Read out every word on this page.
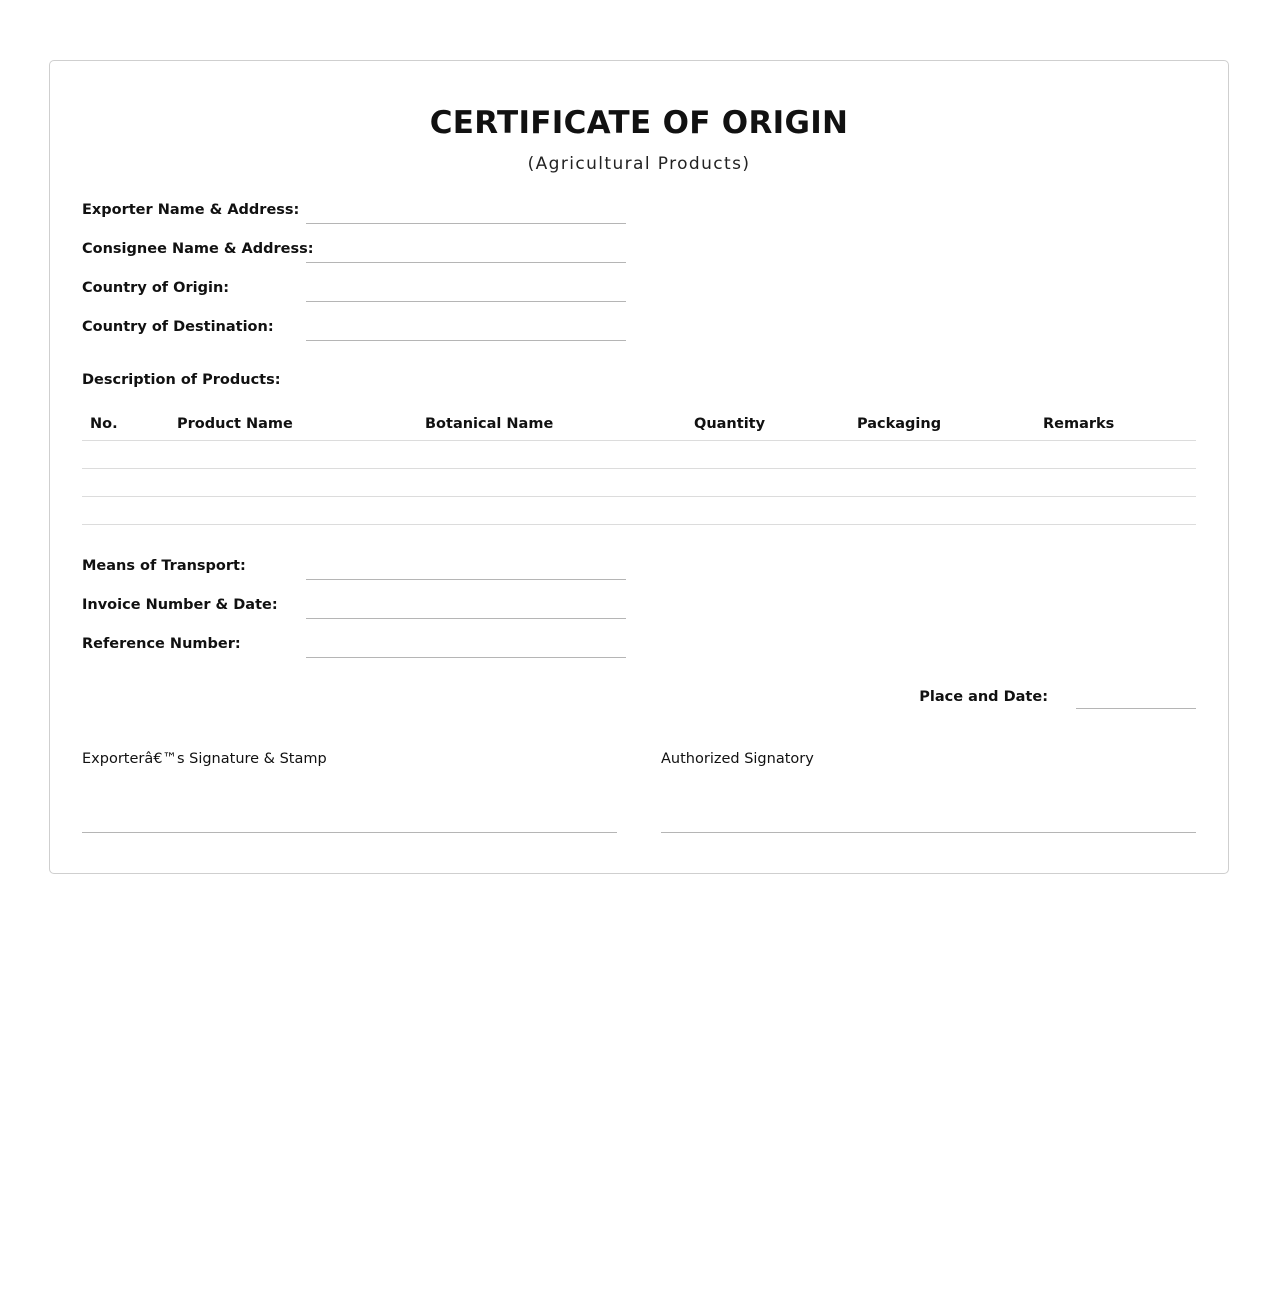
CERTIFICATE OF ORIGIN
(Agricultural Products)
Exporter Name & Address:
Consignee Name & Address:
Country of Origin:
Country of Destination:
Description of Products:
No.	Product Name	Botanical Name	Quantity	Packaging	Remarks
Means of Transport:
Invoice Number & Date:
Reference Number:
Place and Date:
Exporterâ€™s Signature & Stamp	Authorized Signatory
